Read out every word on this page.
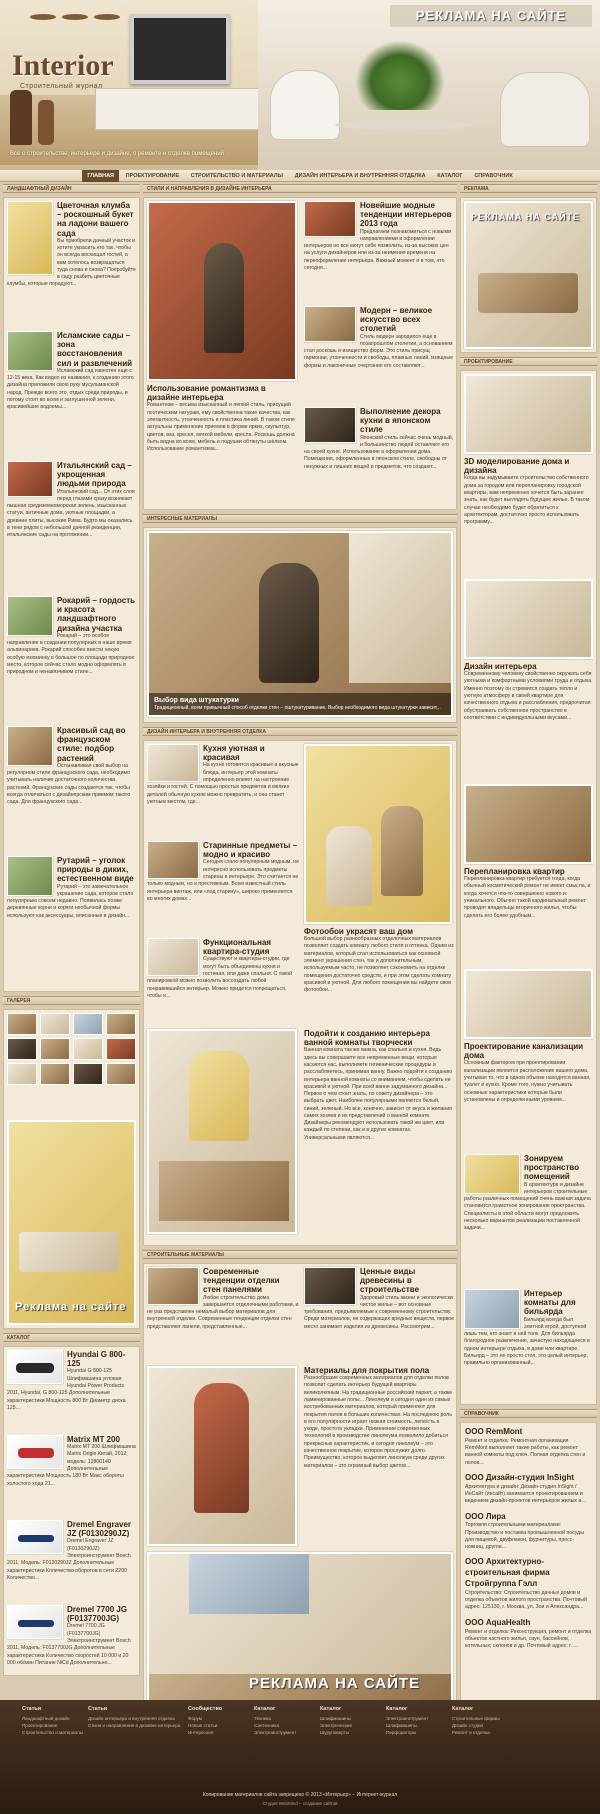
Interior
Строительный журнал
РЕКЛАМА НА САЙТЕ
Всё о строительстве, интерьере и дизайне, о ремонте и отделке помещений
ГЛАВНАЯ ПРОЕКТИРОВАНИЕ СТРОИТЕЛЬСТВО И МАТЕРИАЛЫ ДИЗАЙН ИНТЕРЬЕРА И ВНУТРЕННЯЯ ОТДЕЛКА КАТАЛОГ СПРАВОЧНИК
ЛАНДШАФТНЫЙ ДИЗАЙН
Цветочная клумба – роскошный букет на ладони вашего сада
Вы приобрели дачный участок и хотите украсить его так, чтобы он всегда восхищал гостей, а вам хотелось возвращаться туда снова и снова? Попробуйте в саду разбить цветочные клумбы, которые порадуют...
Исламские сады – зона восстановления сил и развлечений
Исламский сад известен еще с 12-15 века. Как видно из названия, к созданию этого дизайна приложили свою руку мусульманской народ. Прежде всего это, отдых среди природы, и потому стоят во всем и заглушенной зелени, красивейшие водоемы...
Итальянский сад – укрощенная людьми природа
Итальянский сад... От этих слов перед глазами сразу возникает пышная средиземноморская зелень, изысканные статуи, античные дома, уютные площадки, а древние плиты, высокие Рима. Будто мы оказались в тени рядом с небольшой дачной резиденции, итальянские сады на протяжении...
Рокарий – гордость и красота ландшафтного дизайна участка
Рокарий – это особое направление в создании популярных в наше время альпинариев. Рокарий способен внести некую особую изюминку в большое по площади природное место, которое сейчас стало модно оформлять в природном и ненавязчивом стиле...
Красивый сад во французском стиле: подбор растений
Останавливая свой выбор на регулярном стиле французского сада, необходимо учитывать наличие достаточного количества растений. Французские сады создаются так, чтобы всегда отличаться с дизайнерским приемом такого сада. Для французского сада...
Рутарий – уголок природы в диких, естественном виде
Рутарий – это замечательное украшение сада, которое стало популярным совсем недавно. Появилась позже деревянные корни и коряги необычной формы используют как аксессуары, вписанные в дизайн...
ГАЛЕРЕЯ
Реклама на сайте
КАТАЛОГ
Hyundai G 800-125
Hyundai G 800-125 Шлифмашина угловая Hyundai Power Products 2011, Hyundai, G 800-125 Дополнительные характеристики Мощность 800 Вт Диаметр диска 125...
Matrix MT 200
Matrix MT 200 Шлифмашина Matrix Origin Китай, 2012, модель: 12800140 Дополнительные характеристики Мощность 180 Вт Макс обороты холостого хода 21...
Dremel Engraver JZ (F0130290JZ)
Dremel Engraver JZ (F0130290JZ) Электроинструмент Bosch 2011, Модель: F0130290JZ Дополнительные характеристики Количество оборотов в сети 2200 Количество...
Dremel 7700 JG (F0137700JG)
Dremel 7700 JG (F0137700JG) Электроинструмент Bosch 2011, Модель: F0137700JG Дополнительные характеристики Количество скоростей 10 000 и 20 000 об/мин Питание NiCd Дополнительно...
СТИЛИ И НАПРАВЛЕНИЯ В ДИЗАЙНЕ ИНТЕРЬЕРА
Использование романтизма в дизайне интерьера
Романтизм – весьма изысканный и легкий стиль, присущий поэтическим натурам, ему свойственна такие качества, как элегантность, утонченность и пластика линий. В таком стиле актуальны применение приемов в форме ярких, скульптур, цветов, ваз, кресел, мягкой мебели, кресла. Роскошь должна быть видна во всем, мебель и подушки обтянуты шёлком. Использование романтизма...
Новейшие модные тенденции интерьеров 2013 года
Предлагаем познакомиться с новыми направлениями в оформлении интерьеров не все могут себе позволить, из-за высоких цен на услуги дизайнеров или из-за неимения времени на переоформление интерьера. Важный момент и в том, что сегодня...
Модерн – великое искусство всех столетий
Стиль модерн зародился еще в позапрошлом столетии, а основанием стал роскошь и изящество форм. Это стиль присущ гармонии, утонченности и свободы, плавных линий, изящные формы и лаконичные очертания его составляют...
Выполнение декора кухни в японском стиле
Японский стиль сейчас очень модный, и большинство людей оставляют его на своей кухне. Использование в оформлении дома. Помещения, оформленные в японском стиле, свободны от ненужных и лишних вещей и предметов, что создают...
ИНТЕРЕСНЫЕ МАТЕРИАЛЫ
Выбор вида штукатурки
Традиционный, всем привычный способ отделки стен – оштукатуривание. Выбор необходимого вида штукатурки зависит...
ДИЗАЙН ИНТЕРЬЕРА И ВНУТРЕННЯЯ ОТДЕЛКА
Кухня уютная и красивая
На кухне готовятся красивые и вкусные блюда, интерьер этой комнаты определенно влияет на настроение хозяйки и гостей. С помощью простых предметов и мелких деталей обычную кухню можно превратить, и она станет уютным местом, где...
Старинные предметы – модно и красиво
Сегодня стало популярным модным, не интересно использовать предметы старины в интерьере. Это считается не только модным, но и престижным. Всем известный стиль интерьера винтаж, или «под старину», широко применяется во многих домах...
Функциональная квартира-студия
Существуют и квартиры-студии, где могут быть объединены кухня и гостиная, или даже спальня. С такой планировкой можно позволить воссоздать любой понравившийся интерьер. Можно придется попрощаться, чтобы и...
Фотообои украсят ваш дом
Большой выбор разнообразных отделочных материалов позволяет создать комнату любого стиля и оттенка. Одним из материалов, который стал использоваться как основной элемент украшения стен, так и дополнительным, используемым часто, не позволяет сэкономить на отделке помещения достаточно средств, и при этом сделать комнату красивой и уютной. Для любого помещения вы найдете свои фотообои...
Подойти к созданию интерьера ванной комнаты творчески
Ванная комната так же важна, как спальня и кухня. Ведь здесь вы совершаете все непременные вещи, которые касаются нас, выполняете гигиенические процедуры и расслабляетесь, принимая ванну. Важно подойти к созданию интерьера ванной комнаты со вниманием, чтобы сделать ее красивой и уютной. При всей ванне задуманного дизайна... Первое о чем стоит знать, по совету дизайнера – это выбрать цвет. Наиболее популярными являются белый, синий, зеленый. Но все, конечно, зависит от вкуса и желания самих хозяев и их представлений о ванной комнате. Дизайнеры рекомендуют использовать такой же цвет, или каждый по степени, как и в других комнатах. Универсальными являются...
СТРОИТЕЛЬНЫЕ МАТЕРИАЛЫ
Современные тенденции отделки стен панелями
Любое строительство дома завершается отделочными работами, и не раз представлен немалый выбор материалов для внутренней отделки. Современные тенденции отделки стен представляют панели, представленные...
Ценные виды древесины в строительстве
Здоровый стиль жизни и экологически чистое жилье – вот основные требования, предъявляемые к современному строительству. Среди материалов, не содержащих вредных веществ, первое место занимает изделия из древесины. Рассмотрим...
Материалы для покрытия пола
Разнообразие современных материалов для отделки полов позволит сделать интерьер будущей квартиры великолепным. На традиционные российский паркет, а также ламинированные полы... Линолеум и сегодня один из самых востребованных материалов, который применяют для покрытия полов в больших количествах. На последнюю роль в его популярности играет низкая стоимость, легкость в уходе, простота укладки. Применение современных технологий в производстве линолеума позволило добиться прекрасных характеристик, и сегодня линолеум – это качественное покрытие, которое прослужит долго. Преимущество, которое выделяет линолеум среди других материалов – это огромный выбор цветов...
РЕКЛАМА НА САЙТЕ
РЕКЛАМА
РЕКЛАМА НА САЙТЕ
ПРОЕКТИРОВАНИЕ
3D моделирование дома и дизайна
Когда вы задумываете строительство собственного дома за городом или перепланировку городской квартиры, вам непременно хочется быть заранее знать, как будет выглядеть будущее жилье. В таком случае необходимо будет обратиться к архитекторам, достаточно просто использовать программу...
Дизайн интерьера
Современному человеку свойственно окружать себя уютными и комфортными условиями труда и отдыха. Именно поэтому он стремится создать тепло и уютную атмосферу в своей квартире для качественного отдыха и расслабления, предпочитая обустраивать собственное пространство в соответствии с индивидуальными вкусами...
Перепланировка квартир
Перепланировка квартир требуется тогда, когда обычный косметический ремонт не имеет смысла, и когда хочется что-то совершенно нового и уникального. Обычно такой кардинальный ремонт проводят владельцы вторичного жилья, чтобы сделать его более удобным...
Проектирование канализации дома
Основным фактором при проектировании канализации является расположение вашего дома, учитывая то, что в одном объеме находятся ванная, туалет и кухня. Кроме того, нужно учитывать основные характеристики которые были установлены и определенными уровнем...
Зонируем пространство помещений
В архитектуре и дизайне интерьеров строительные работы различных помещений очень важная задача становится грамотное зонирование пространства. Специалисты в этой области могут предложить несколько вариантов реализации поставленной задачи...
Интерьер комнаты для бильярда
Бильярд всегда был элитной игрой, доступной лишь тем, кто знает в ней толк. Для бильярда благородное развлечение, зачастую находящееся в одном интерьере отдыха, в доме или квартире. Бильярд – это не просто стол, это целый интерьер, правильно организованный...
СПРАВОЧНИК
ООО RemMont
Ремонт и отделка: Ремонтная организация RemMont выполняет такие работы, как ремонт ванной комнаты под ключ. Полная отделка стен и полов...
ООО Дизайн-студия InSight
Архитектура и дизайн: Дизайн-студия InSight / ИнСайт (инсайт) занимается проектированием и ведением дизайн-проектов интерьеров жилых и...
ООО Лира
Торговля строительными материалами: Производство и поставка промышленной посуды для пищевой, двуфлакон, фурнитуры, пресс-ножниц, другое...
ООО Архитектурно-строительная фирма Стройгруппа Гэлл
Строительство: Строительство дачных домов и отделка объектов жилого пространства. Почтовый адрес: 125130, г. Москва, ул. Зои и Александра...
ООО AquaHealth
Ремонт и отделка: Реконструкция, ремонт и отделка объектов частного жилья, саун, бассейнов, котельных; склонов и др. Почтовый адрес: г. ...
Статьи
Ландшафтный дизайн
Проектирование
Строительство и материалы
Статьи
Дизайн интерьера и внутренняя отделка
Стили и направления в дизайне интерьера
Сообщество
Форум
Новые статьи
Интересное
Каталог
Техника
Сантехника
Электроинструмент
Каталог
Шлифмашины
Электрические
Шуруповерты
Каталог
Электроинструмент
Шлифмашины
Перфораторы
Каталог
Строительные фирмы
Дизайн студии
Ремонт и отделка
Копирование материалов сайта запрещено © 2013 «Интерьер» – Интернет-журнал
Студия WebMind – создание сайтов
